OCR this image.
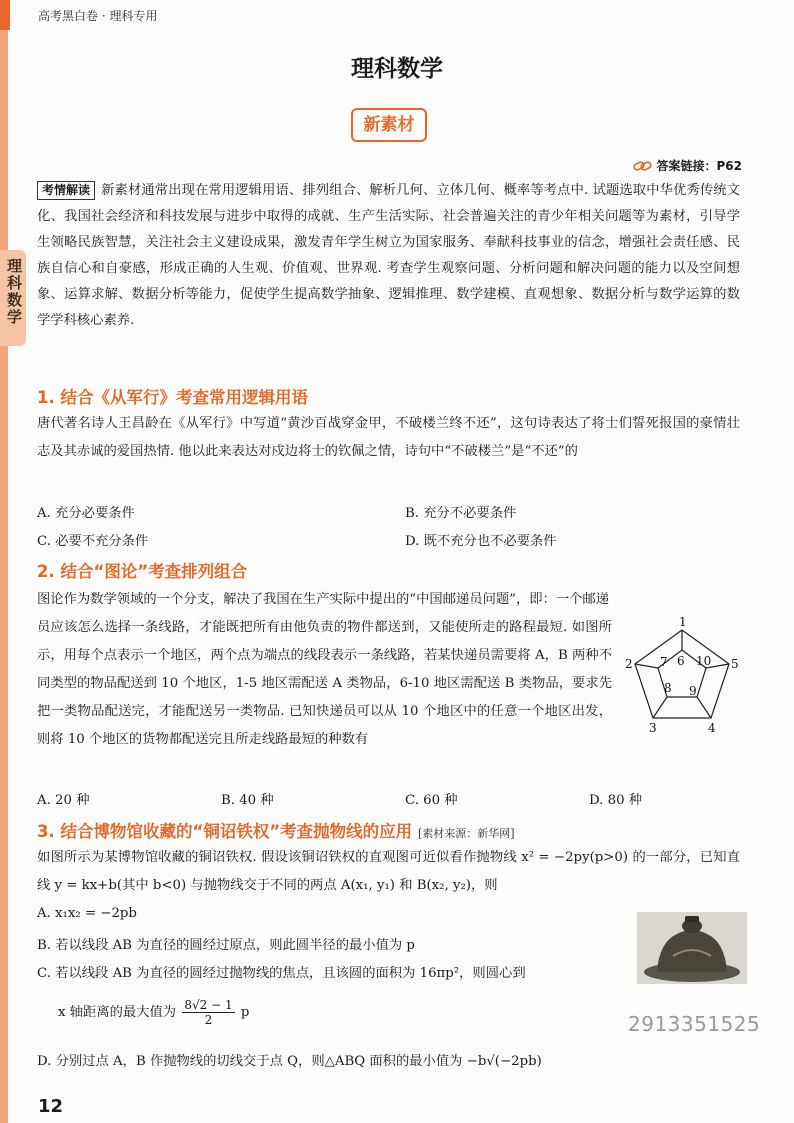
高考黑白卷 · 理科专用
理科数学
理科数学
新素材
答案链接：P62
考情解读 新素材通常出现在常用逻辑用语、排列组合、解析几何、立体几何、概率等考点中. 试题选取中华优秀传统文化、我国社会经济和科技发展与进步中取得的成就、生产生活实际、社会普遍关注的青少年相关问题等为素材，引导学生领略民族智慧，关注社会主义建设成果，激发青年学生树立为国家服务、奉献科技事业的信念，增强社会责任感、民族自信心和自豪感，形成正确的人生观、价值观、世界观. 考查学生观察问题、分析问题和解决问题的能力以及空间想象、运算求解、数据分析等能力，促使学生提高数学抽象、逻辑推理、数学建模、直观想象、数据分析与数学运算的数学学科核心素养.
1. 结合《从军行》考查常用逻辑用语
唐代著名诗人王昌龄在《从军行》中写道“黄沙百战穿金甲，不破楼兰终不还”，这句诗表达了将士们誓死报国的豪情壮志及其赤诚的爱国热情. 他以此来表达对戍边将士的钦佩之情，诗句中“不破楼兰”是“不还”的
A. 充分必要条件	B. 充分不必要条件
C. 必要不充分条件	D. 既不充分也不必要条件
2. 结合“图论”考查排列组合
图论作为数学领域的一个分支，解决了我国在生产实际中提出的“中国邮递员问题”，即：一个邮递
员应该怎么选择一条线路，才能既把所有由他负责的物件都送到，又能使所走的路程最短. 如图所示，用每个点表示一个地区，两个点为端点的线段表示一条线路，若某快递员需要将 A，B 两种不同类型的物品配送到 10 个地区，1-5 地区需配送 A 类物品，6-10 地区需配送 B 类物品，要求先把一类物品配送完，才能配送另一类物品. 已知快递员可以从 10 个地区中的任意一个地区出发，则将 10 个地区的货物都配送完且所走线路最短的种数有
1
2
3	4
5
6
7
8 9
10
A. 20 种	B. 40 种	C. 60 种	D. 80 种
3. 结合博物馆收藏的“铜诏铁权”考查抛物线的应用 [素材来源：新华网]
如图所示为某博物馆收藏的铜诏铁权. 假设该铜诏铁权的直观图可近似看作抛物线 x² = −2py(p>0) 的一部分，已知直线 y = kx+b(其中 b<0) 与抛物线交于不同的两点 A(x₁, y₁) 和 B(x₂, y₂)，则
A. x₁x₂ = −2pb
B. 若以线段 AB 为直径的圆经过原点，则此圆半径的最小值为 p
C. 若以线段 AB 为直径的圆经过抛物线的焦点，且该圆的面积为 16πp²，则圆心到
x 轴距离的最大值为 $\frac{8√2 - 1}{2}$ p
D. 分别过点 A，B 作抛物线的切线交于点 Q，则△ABQ 面积的最小值为 −b√(−2pb)
2913351525
12
